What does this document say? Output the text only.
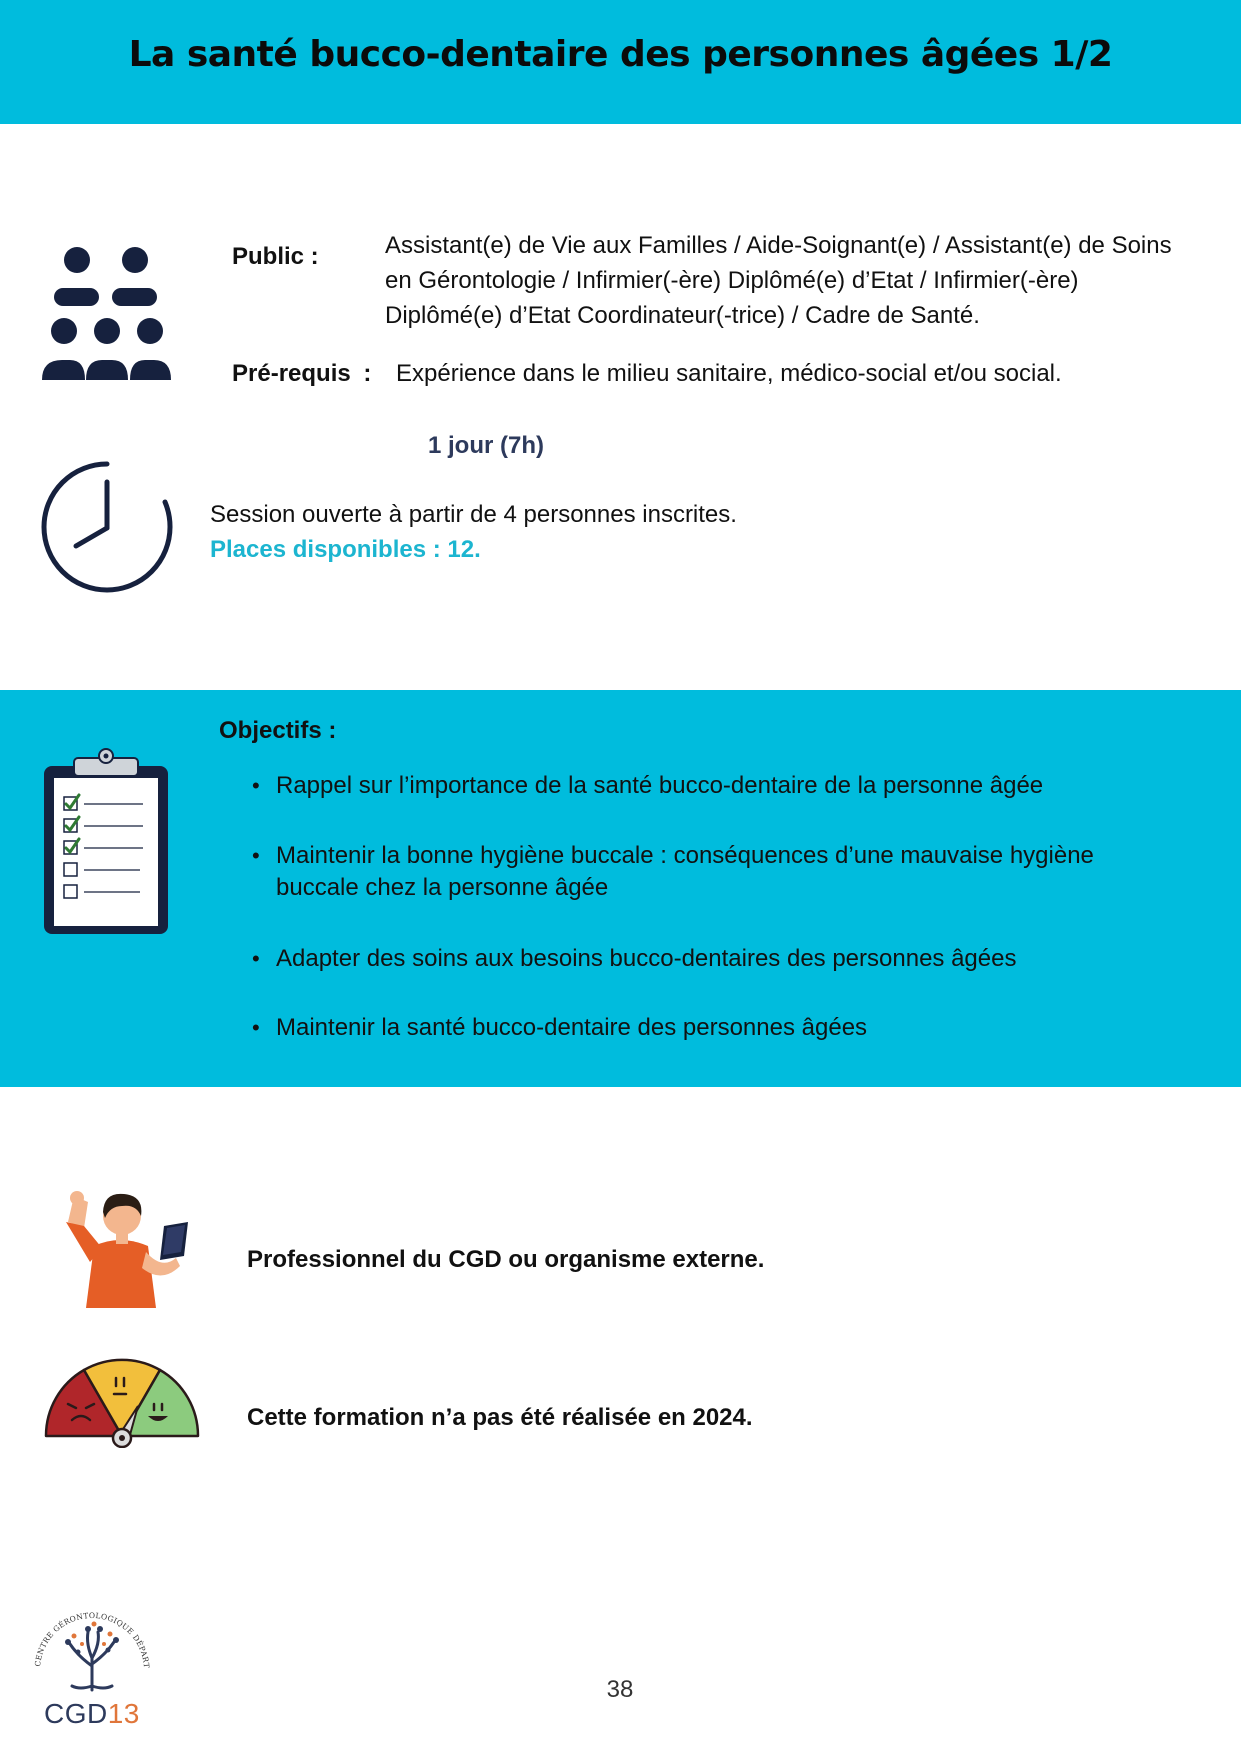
La santé bucco-dentaire des personnes âgées 1/2
Public :	Assistant(e) de Vie aux Familles / Aide-Soignant(e) / Assistant(e) de Soins en Gérontologie / Infirmier(-ère) Diplômé(e) d’Etat / Infirmier(-ère) Diplômé(e) d’Etat Coordinateur(-trice) / Cadre de Santé.
Pré-requis : Expérience dans le milieu sanitaire, médico-social et/ou social.
1 jour (7h)
Session ouverte à partir de 4 personnes inscrites.
Places disponibles : 12.
Objectifs :
• Rappel sur l’importance de la santé bucco-dentaire de la personne âgée
• Maintenir la bonne hygiène buccale : conséquences d’une mauvaise hygiène buccale chez la personne âgée
• Adapter des soins aux besoins bucco-dentaires des personnes âgées
• Maintenir la santé bucco-dentaire des personnes âgées
Professionnel du CGD ou organisme externe.
Cette formation n’a pas été réalisée en 2024.
CENTRE GÉRONTOLOGIQUE DÉPART
CGD13
38
